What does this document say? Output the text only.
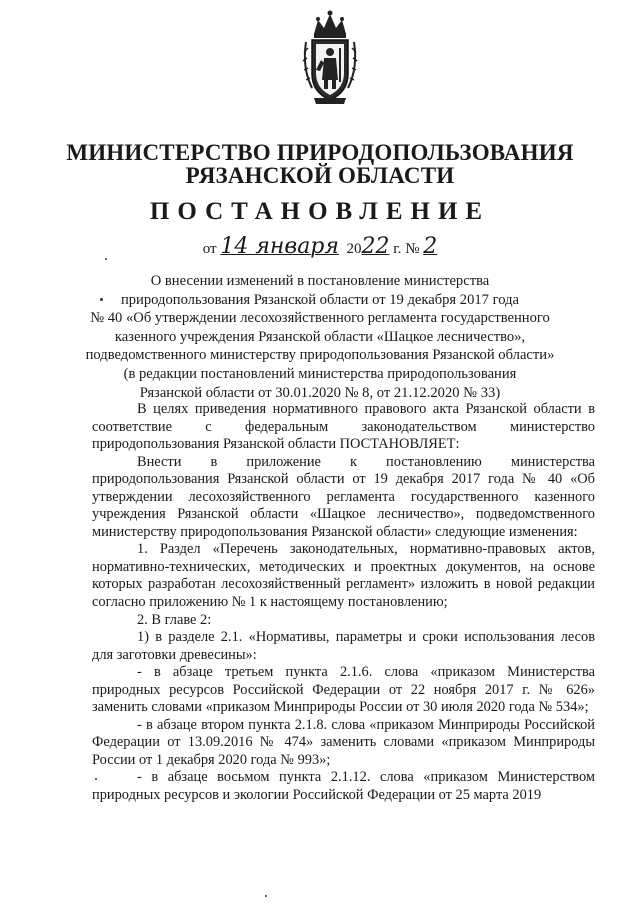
МИНИСТЕРСТВО ПРИРОДОПОЛЬЗОВАНИЯ
РЯЗАНСКОЙ ОБЛАСТИ
ПОСТАНОВЛЕНИЕ
от 14 января 2022 г. № 2
О внесении изменений в постановление министерства
природопользования Рязанской области от 19 декабря 2017 года
№ 40 «Об утверждении лесохозяйственного регламента государственного
казенного учреждения Рязанской области «Шацкое лесничество»,
подведомственного министерству природопользования Рязанской области»
(в редакции постановлений министерства природопользования
Рязанской области от 30.01.2020 № 8, от 21.12.2020 № 33)
В целях приведения нормативного правового акта Рязанской области в соответствие с федеральным законодательством министерство природопользования Рязанской области ПОСТАНОВЛЯЕТ:
Внести в приложение к постановлению министерства природопользования Рязанской области от 19 декабря 2017 года № 40 «Об утверждении лесохозяйственного регламента государственного казенного учреждения Рязанской области «Шацкое лесничество», подведомственного министерству природопользования Рязанской области» следующие изменения:
1. Раздел «Перечень законодательных, нормативно-правовых актов, нормативно-технических, методических и проектных документов, на основе которых разработан лесохозяйственный регламент» изложить в новой редакции согласно приложению № 1 к настоящему постановлению;
2. В главе 2:
1) в разделе 2.1. «Нормативы, параметры и сроки использования лесов для заготовки древесины»:
- в абзаце третьем пункта 2.1.6. слова «приказом Министерства природных ресурсов Российской Федерации от 22 ноября 2017 г. № 626» заменить словами «приказом Минприроды России от 30 июля 2020 года № 534»;
- в абзаце втором пункта 2.1.8. слова «приказом Минприроды Российской Федерации от 13.09.2016 № 474» заменить словами «приказом Минприроды России от 1 декабря 2020 года № 993»;
- в абзаце восьмом пункта 2.1.12. слова «приказом Министерством природных ресурсов и экологии Российской Федерации от 25 марта 2019
